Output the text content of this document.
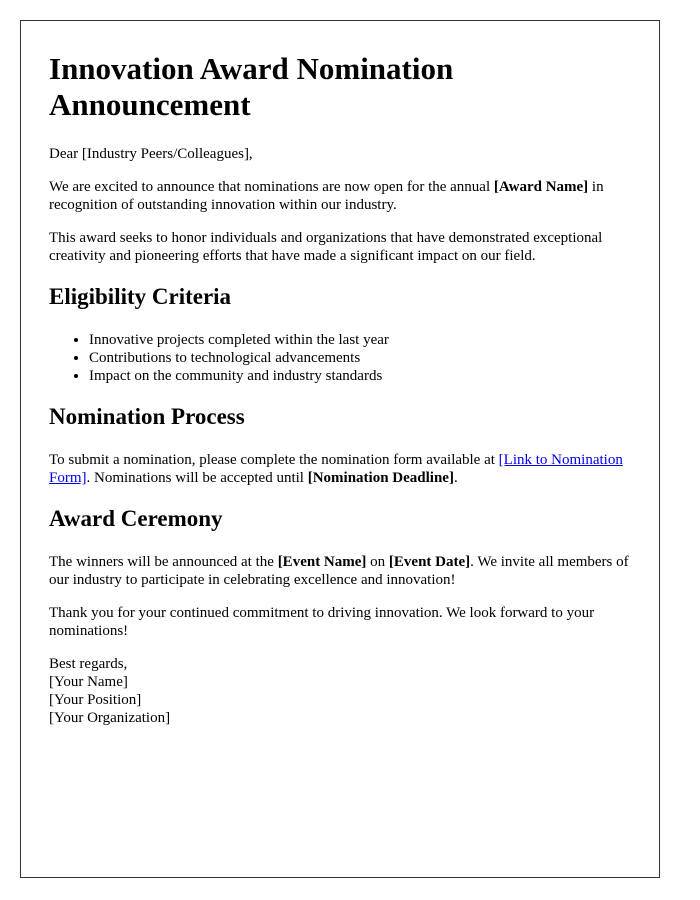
Innovation Award Nomination Announcement

Dear [Industry Peers/Colleagues],

We are excited to announce that nominations are now open for the annual [Award Name] in recognition of outstanding innovation within our industry.

This award seeks to honor individuals and organizations that have demonstrated exceptional creativity and pioneering efforts that have made a significant impact on our field.

Eligibility Criteria
• Innovative projects completed within the last year
• Contributions to technological advancements
• Impact on the community and industry standards
Nomination Process

To submit a nomination, please complete the nomination form available at [Link to Nomination Form]. Nominations will be accepted until [Nomination Deadline].

Award Ceremony

The winners will be announced at the [Event Name] on [Event Date]. We invite all members of our industry to participate in celebrating excellence and innovation!

Thank you for your continued commitment to driving innovation. We look forward to your nominations!

Best regards,
[Your Name]
[Your Position]
[Your Organization]
